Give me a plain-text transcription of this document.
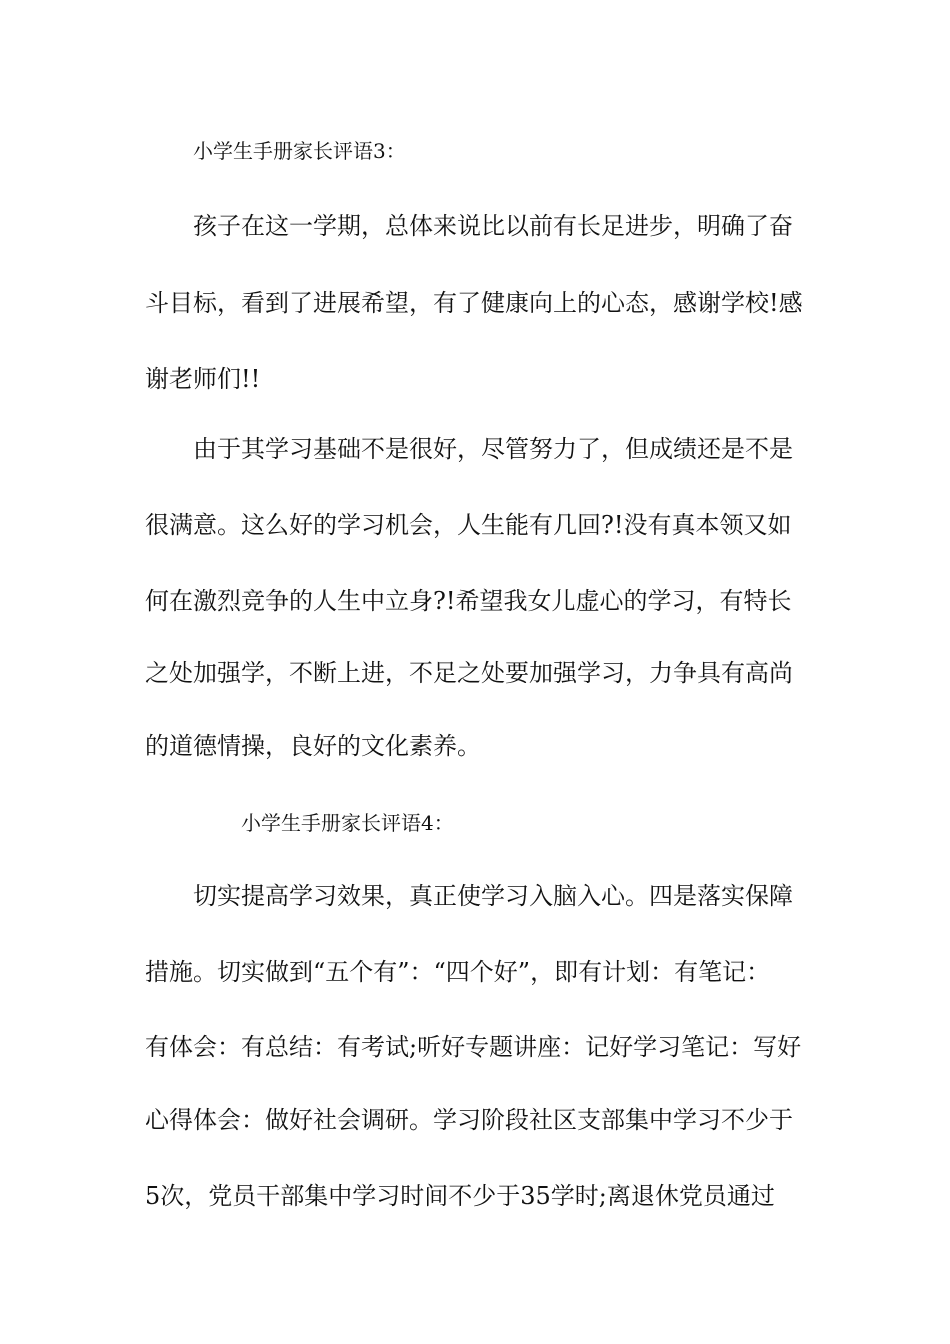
小学生手册家长评语3：

孩子在这一学期，总体来说比以前有长足进步，明确了奋

斗目标，看到了进展希望，有了健康向上的心态，感谢学校!感

谢老师们!!

由于其学习基础不是很好，尽管努力了，但成绩还是不是

很满意。这么好的学习机会，人生能有几回?!没有真本领又如

何在激烈竞争的人生中立身?!希望我女儿虚心的学习，有特长

之处加强学，不断上进，不足之处要加强学习，力争具有高尚

的道德情操，良好的文化素养。

小学生手册家长评语4：

切实提高学习效果，真正使学习入脑入心。四是落实保障

措施。切实做到“五个有”：“四个好”，即有计划：有笔记：

有体会：有总结：有考试;听好专题讲座：记好学习笔记：写好

心得体会：做好社会调研。学习阶段社区支部集中学习不少于

5次，党员干部集中学习时间不少于35学时;离退休党员通过
